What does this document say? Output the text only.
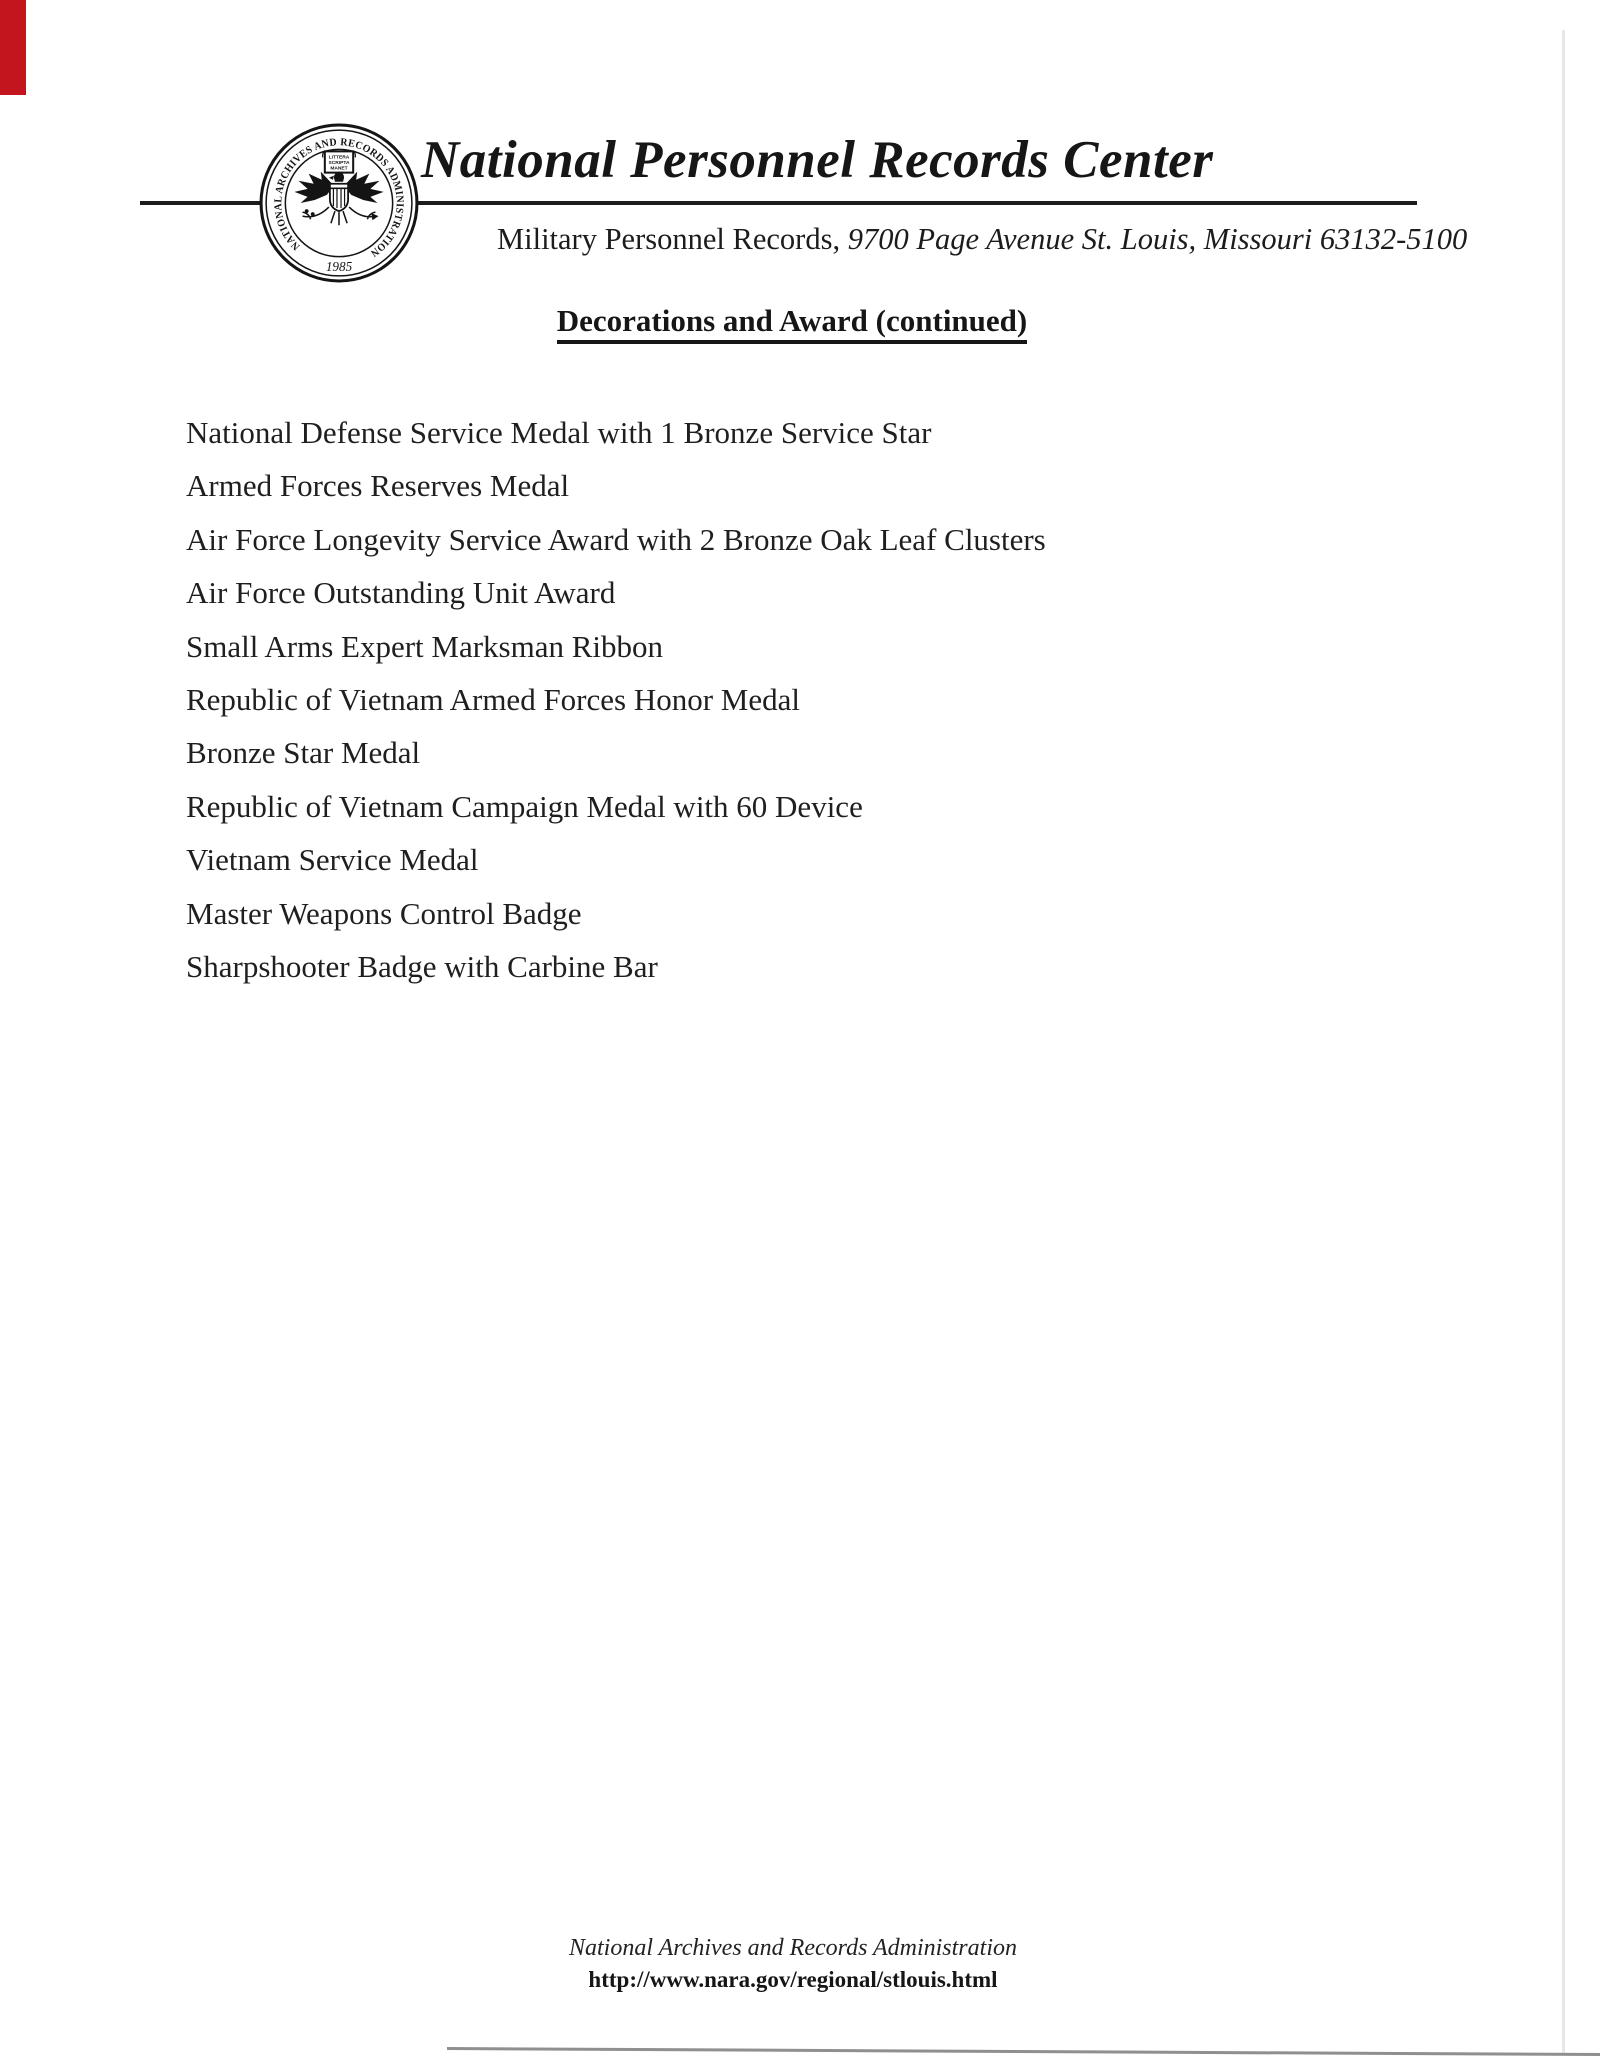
NATIONAL ARCHIVES AND RECORDS ADMINISTRATION
1985
LITTERA
SCRIPTA
MANET National Personnel Records Center
Military Personnel Records, 9700 Page Avenue St. Louis, Missouri 63132-5100
Decorations and Award (continued)
National Defense Service Medal with 1 Bronze Service Star
Armed Forces Reserves Medal
Air Force Longevity Service Award with 2 Bronze Oak Leaf Clusters
Air Force Outstanding Unit Award
Small Arms Expert Marksman Ribbon
Republic of Vietnam Armed Forces Honor Medal
Bronze Star Medal
Republic of Vietnam Campaign Medal with 60 Device
Vietnam Service Medal
Master Weapons Control Badge
Sharpshooter Badge with Carbine Bar
National Archives and Records Administration
http://www.nara.gov/regional/stlouis.html
